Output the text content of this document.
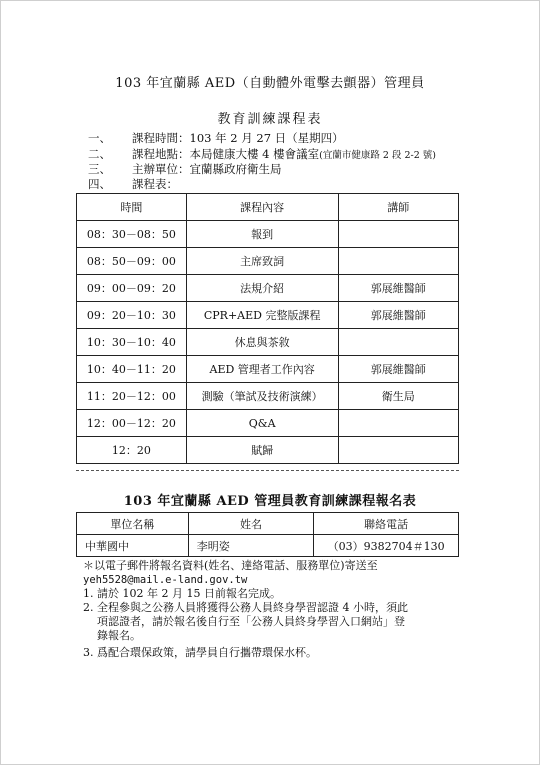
103 年宜蘭縣 AED（自動體外電擊去顫器）管理員
教育訓練課程表
一、 課程時間：103 年 2 月 27 日（星期四）
二、 課程地點：本局健康大樓 4 樓會議室(宜蘭市健康路 2 段 2-2 號)
三、 主辦單位：宜蘭縣政府衛生局
四、 課程表：
時間	課程內容	講師
08：30－08：50	報到	
08：50－09：00	主席致詞	
09：00－09：20	法規介紹	郭展維醫師
09：20－10：30	CPR+AED 完整版課程	郭展維醫師
10：30－10：40	休息與茶敘	
10：40－11：20	AED 管理者工作內容	郭展維醫師
11：20－12：00	測驗（筆試及技術演練）	衛生局
12：00－12：20	Q&A	
12：20	賦歸	
103 年宜蘭縣 AED 管理員教育訓練課程報名表
單位名稱	姓名	聯絡電話
中華國中	李明姿	（03）9382704＃130
＊以電子郵件將報名資料(姓名、達絡電話、服務單位)寄送至
yeh5528@mail.e-land.gov.tw
1. 請於 102 年 2 月 15 日前報名完成。
2. 全程參與之公務人員將獲得公務人員終身學習認證 4 小時，須此
項認證者，請於報名後自行至「公務人員終身學習入口網站」登
錄報名。
3. 爲配合環保政策，請學員自行攜帶環保水杯。
